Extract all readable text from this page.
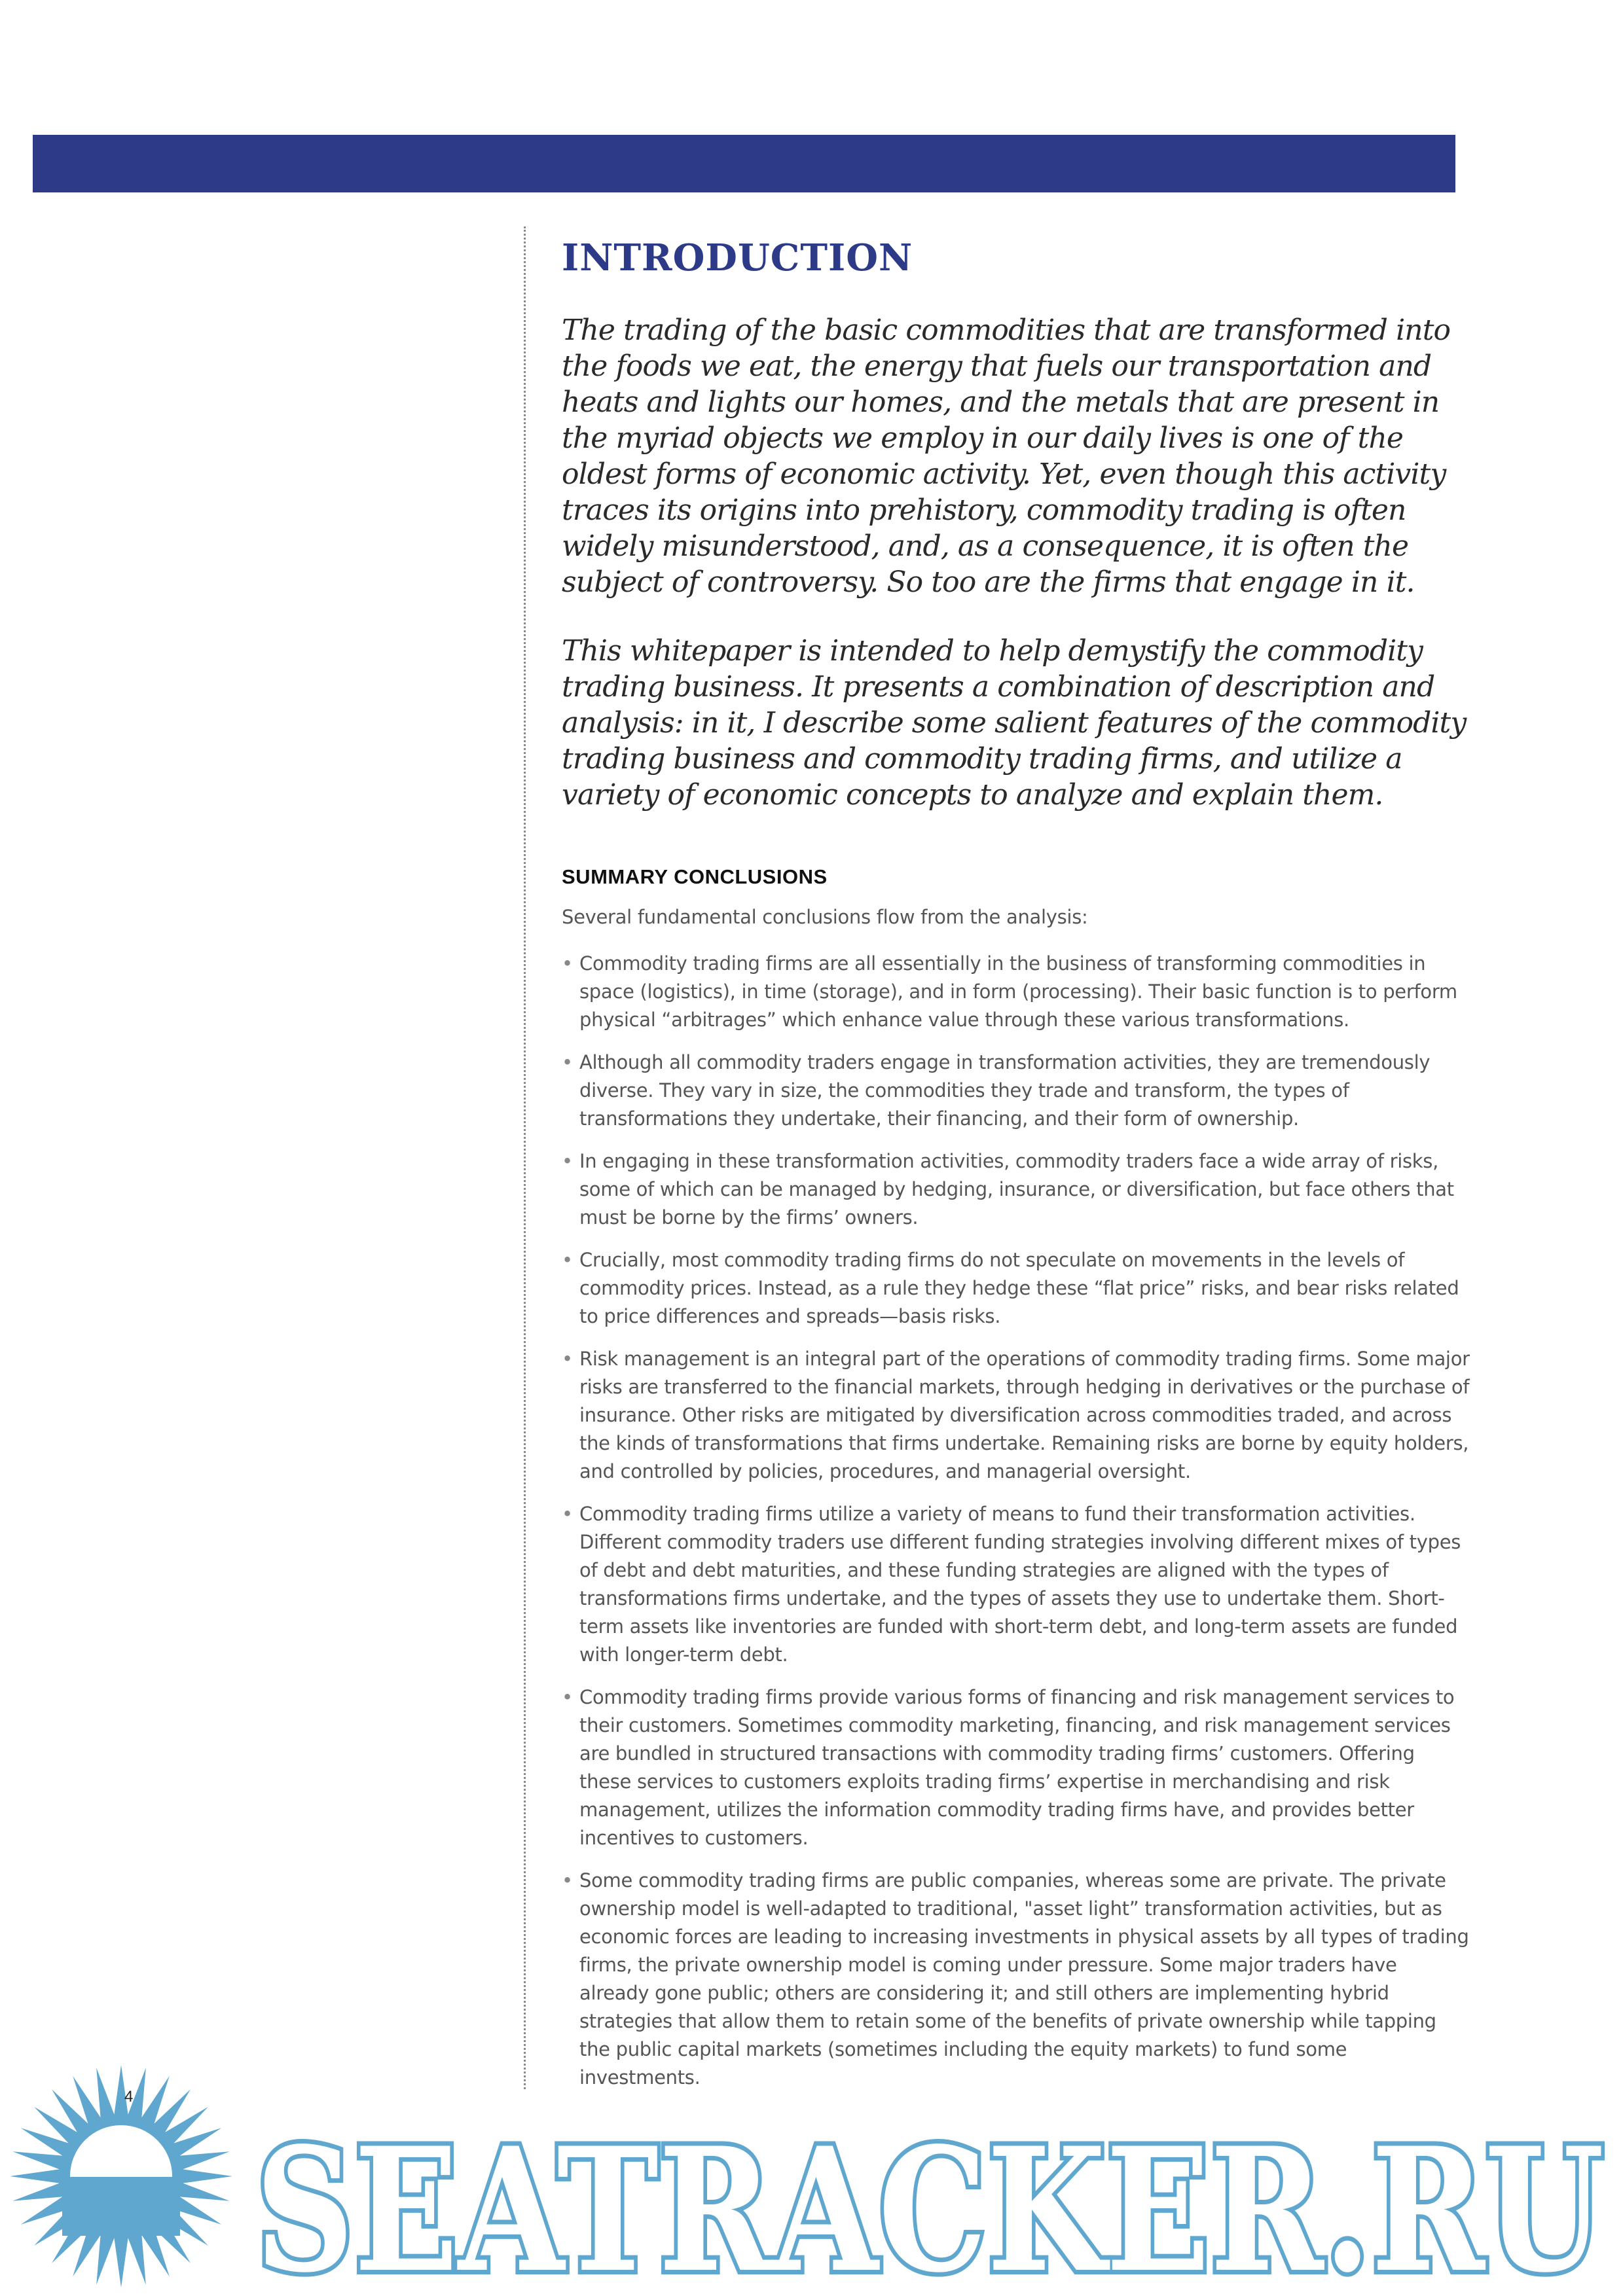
INTRODUCTION

The trading of the basic commodities that are transformed into the foods we eat, the energy that fuels our transportation and heats and lights our homes, and the metals that are present in the myriad objects we employ in our daily lives is one of the oldest forms of economic activity. Yet, even though this activity traces its origins into prehistory, commodity trading is often widely misunderstood, and, as a consequence, it is often the subject of controversy. So too are the firms that engage in it.

This whitepaper is intended to help demystify the commodity trading business. It presents a combination of description and analysis: in it, I describe some salient features of the commodity trading business and commodity trading firms, and utilize a variety of economic concepts to analyze and explain them.

SUMMARY CONCLUSIONS

Several fundamental conclusions flow from the analysis:

• Commodity trading firms are all essentially in the business of transforming commodities in space (logistics), in time (storage), and in form (processing). Their basic function is to perform physical “arbitrages” which enhance value through these various transformations.
• Although all commodity traders engage in transformation activities, they are tremendously diverse. They vary in size, the commodities they trade and transform, the types of transformations they undertake, their financing, and their form of ownership.
• In engaging in these transformation activities, commodity traders face a wide array of risks, some of which can be managed by hedging, insurance, or diversification, but face others that must be borne by the firms’ owners.
• Crucially, most commodity trading firms do not speculate on movements in the levels of commodity prices. Instead, as a rule they hedge these “flat price” risks, and bear risks related to price differences and spreads—basis risks.
• Risk management is an integral part of the operations of commodity trading firms. Some major risks are transferred to the financial markets, through hedging in derivatives or the purchase of insurance. Other risks are mitigated by diversification across commodities traded, and across the kinds of transformations that firms undertake. Remaining risks are borne by equity holders, and controlled by policies, procedures, and managerial oversight.
• Commodity trading firms utilize a variety of means to fund their transformation activities. Different commodity traders use different funding strategies involving different mixes of types of debt and debt maturities, and these funding strategies are aligned with the types of transformations firms undertake, and the types of assets they use to undertake them. Short-term assets like inventories are funded with short-term debt, and long-term assets are funded with longer-term debt.
• Commodity trading firms provide various forms of financing and risk management services to their customers. Sometimes commodity marketing, financing, and risk management services are bundled in structured transactions with commodity trading firms’ customers. Offering these services to customers exploits trading firms’ expertise in merchandising and risk management, utilizes the information commodity trading firms have, and provides better incentives to customers.
• Some commodity trading firms are public companies, whereas some are private. The private ownership model is well-adapted to traditional, "asset light” transformation activities, but as economic forces are leading to increasing investments in physical assets by all types of trading firms, the private ownership model is coming under pressure. Some major traders have already gone public; others are considering it; and still others are implementing hybrid strategies that allow them to retain some of the benefits of private ownership while tapping the public capital markets (sometimes including the equity markets) to fund some investments.
SEATRACKER.RU
4
